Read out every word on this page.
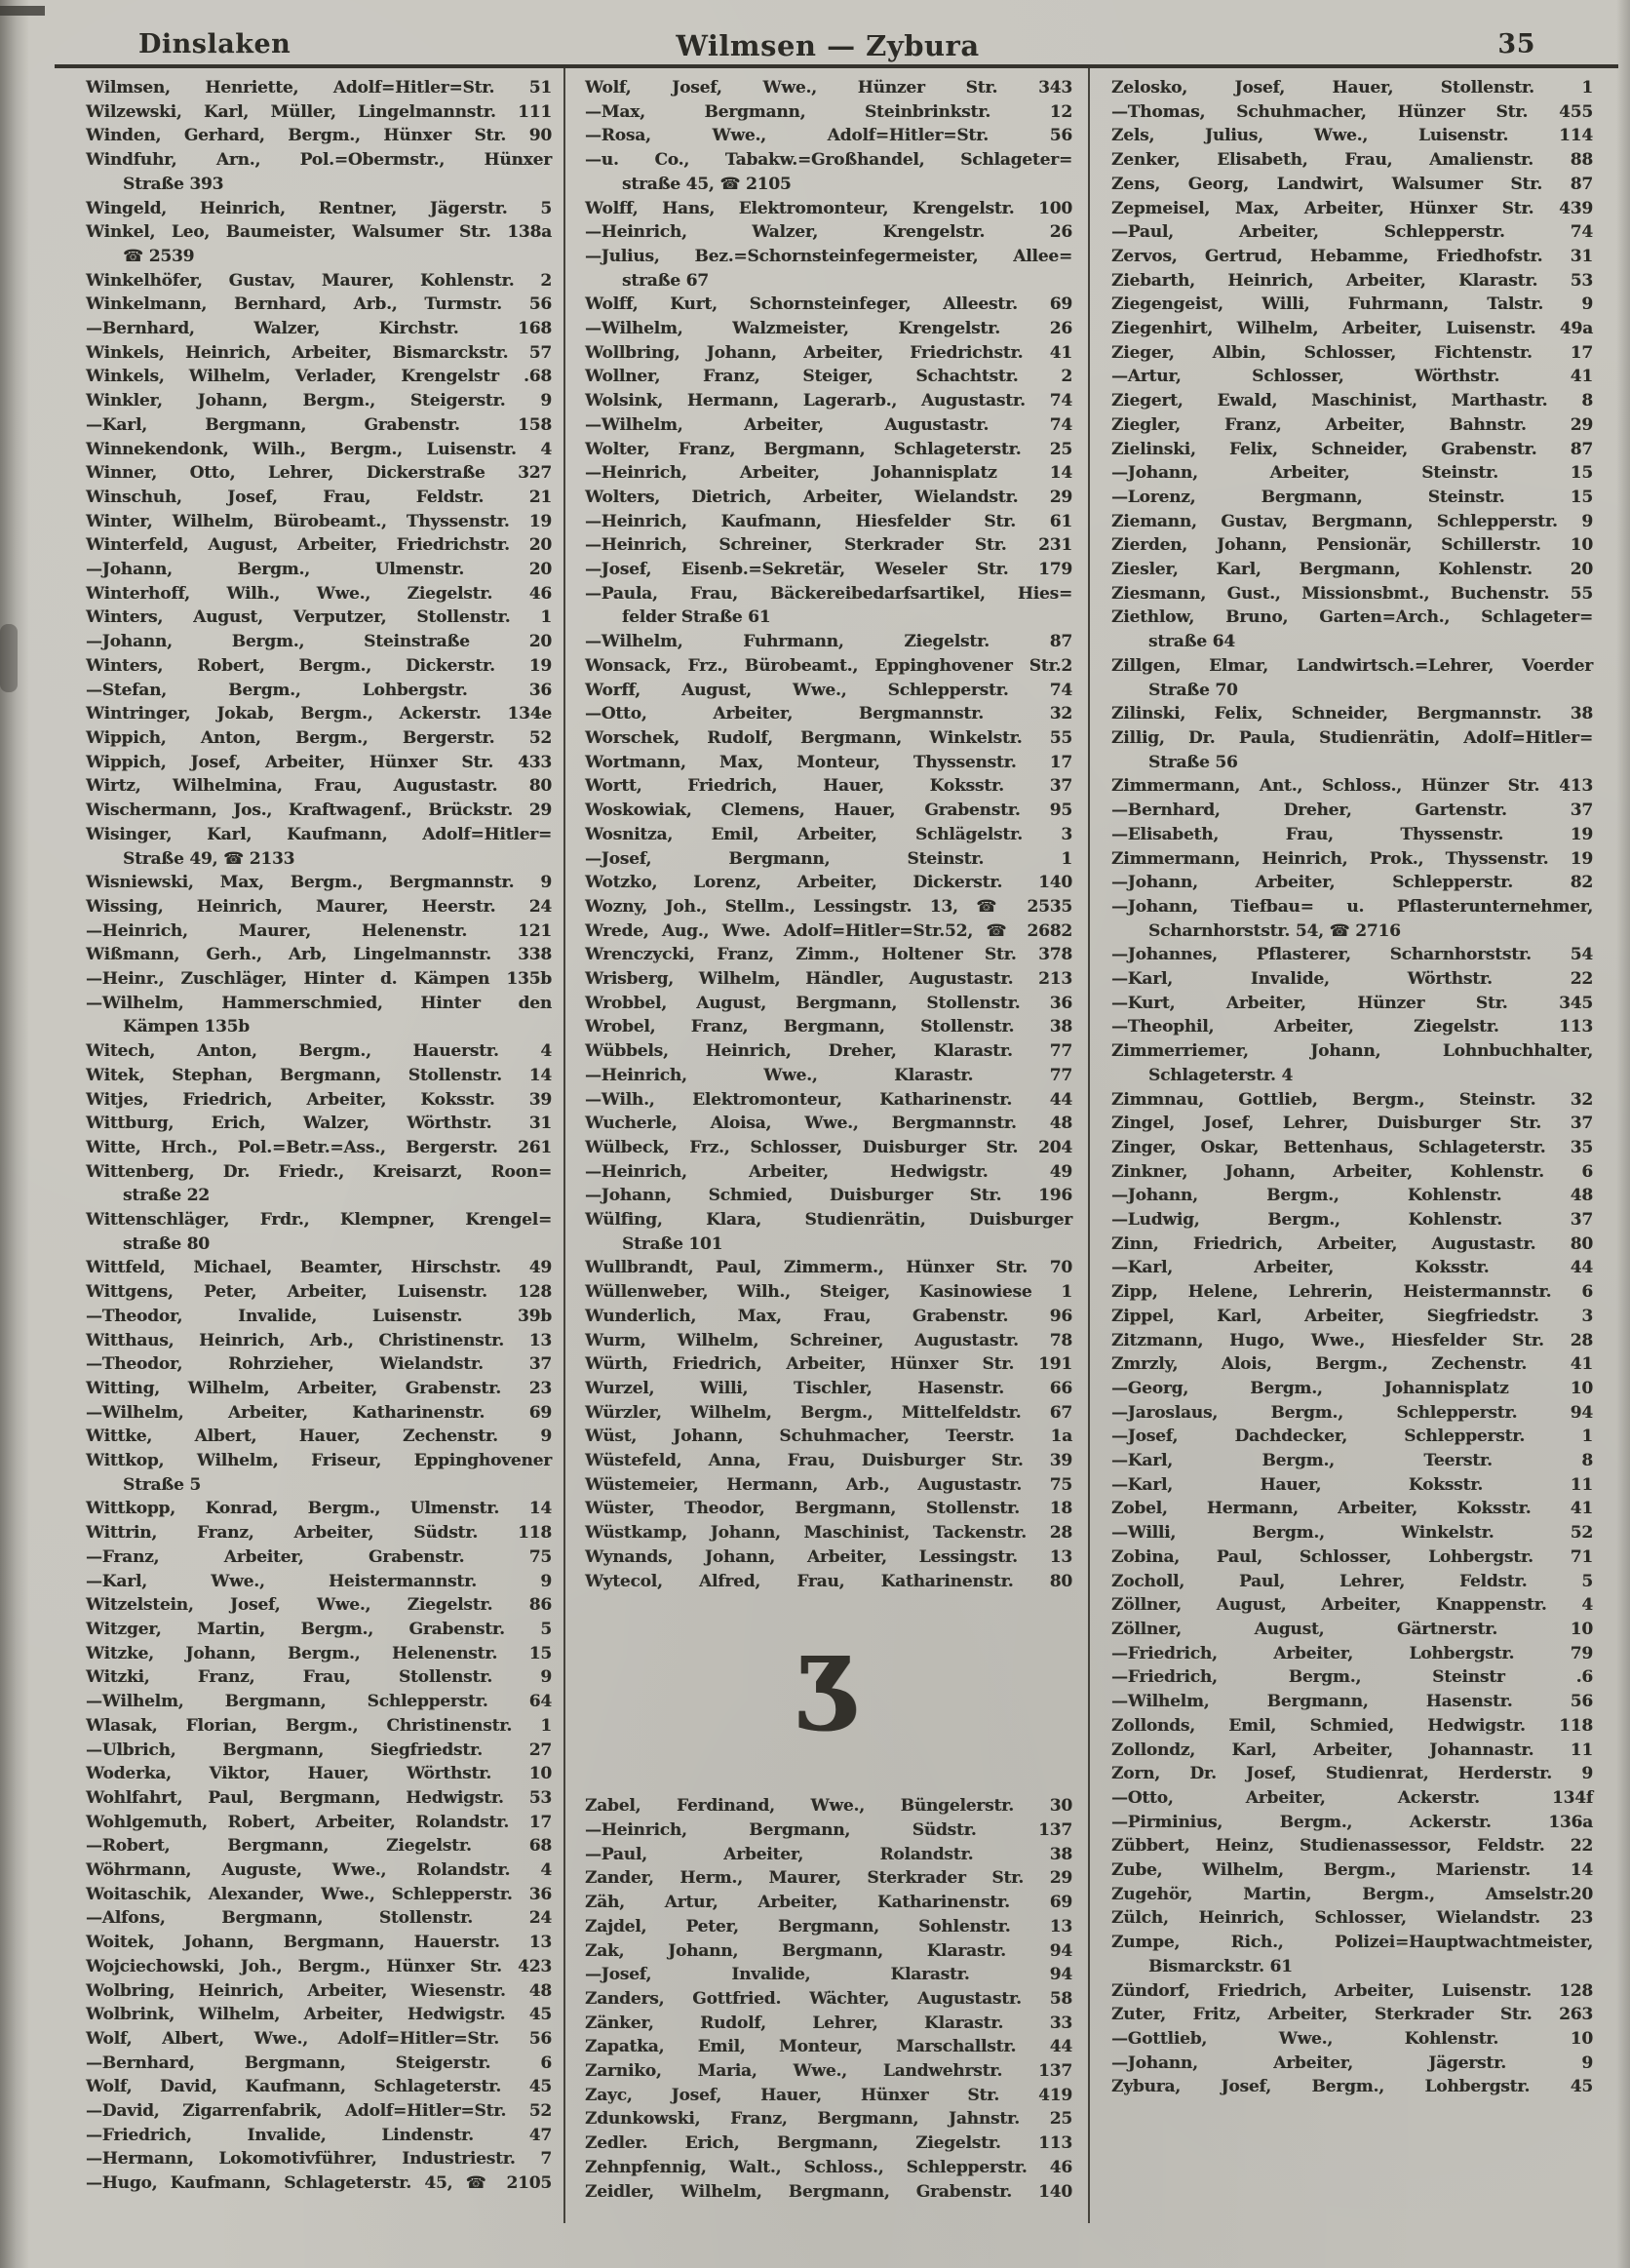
Dinslaken	Wilmsen — Zybura	35
Wilmsen, Henriette, Adolf=Hitler=Str. 51
Wilzewski, Karl, Müller, Lingelmannstr. 111
Winden, Gerhard, Bergm., Hünxer Str. 90
Windfuhr, Arn., Pol.=Obermstr., Hünxer
Straße 393
Wingeld, Heinrich, Rentner, Jägerstr. 5
Winkel, Leo, Baumeister, Walsumer Str. 138a
☎ 2539
Winkelhöfer, Gustav, Maurer, Kohlenstr. 2
Winkelmann, Bernhard, Arb., Turmstr. 56
—Bernhard, Walzer, Kirchstr. 168
Winkels, Heinrich, Arbeiter, Bismarckstr. 57
Winkels, Wilhelm, Verlader, Krengelstr .68
Winkler, Johann, Bergm., Steigerstr. 9
—Karl, Bergmann, Grabenstr. 158
Winnekendonk, Wilh., Bergm., Luisenstr. 4
Winner, Otto, Lehrer, Dickerstraße 327
Winschuh, Josef, Frau, Feldstr. 21
Winter, Wilhelm, Bürobeamt., Thyssenstr. 19
Winterfeld, August, Arbeiter, Friedrichstr. 20
—Johann, Bergm., Ulmenstr. 20
Winterhoff, Wilh., Wwe., Ziegelstr. 46
Winters, August, Verputzer, Stollenstr. 1
—Johann, Bergm., Steinstraße 20
Winters, Robert, Bergm., Dickerstr. 19
—Stefan, Bergm., Lohbergstr. 36
Wintringer, Jokab, Bergm., Ackerstr. 134e
Wippich, Anton, Bergm., Bergerstr. 52
Wippich, Josef, Arbeiter, Hünxer Str. 433
Wirtz, Wilhelmina, Frau, Augustastr. 80
Wischermann, Jos., Kraftwagenf., Brückstr. 29
Wisinger, Karl, Kaufmann, Adolf=Hitler=
Straße 49, ☎ 2133
Wisniewski, Max, Bergm., Bergmannstr. 9
Wissing, Heinrich, Maurer, Heerstr. 24
—Heinrich, Maurer, Helenenstr. 121
Wißmann, Gerh., Arb, Lingelmannstr. 338
—Heinr., Zuschläger, Hinter d. Kämpen 135b
—Wilhelm, Hammerschmied, Hinter den
Kämpen 135b
Witech, Anton, Bergm., Hauerstr. 4
Witek, Stephan, Bergmann, Stollenstr. 14
Witjes, Friedrich, Arbeiter, Koksstr. 39
Wittburg, Erich, Walzer, Wörthstr. 31
Witte, Hrch., Pol.=Betr.=Ass., Bergerstr. 261
Wittenberg, Dr. Friedr., Kreisarzt, Roon=
straße 22
Wittenschläger, Frdr., Klempner, Krengel=
straße 80
Wittfeld, Michael, Beamter, Hirschstr. 49
Wittgens, Peter, Arbeiter, Luisenstr. 128
—Theodor, Invalide, Luisenstr. 39b
Witthaus, Heinrich, Arb., Christinenstr. 13
—Theodor, Rohrzieher, Wielandstr. 37
Witting, Wilhelm, Arbeiter, Grabenstr. 23
—Wilhelm, Arbeiter, Katharinenstr. 69
Wittke, Albert, Hauer, Zechenstr. 9
Wittkop, Wilhelm, Friseur, Eppinghovener
Straße 5
Wittkopp, Konrad, Bergm., Ulmenstr. 14
Wittrin, Franz, Arbeiter, Südstr. 118
—Franz, Arbeiter, Grabenstr. 75
—Karl, Wwe., Heistermannstr. 9
Witzelstein, Josef, Wwe., Ziegelstr. 86
Witzger, Martin, Bergm., Grabenstr. 5
Witzke, Johann, Bergm., Helenenstr. 15
Witzki, Franz, Frau, Stollenstr. 9
—Wilhelm, Bergmann, Schlepperstr. 64
Wlasak, Florian, Bergm., Christinenstr. 1
—Ulbrich, Bergmann, Siegfriedstr. 27
Woderka, Viktor, Hauer, Wörthstr. 10
Wohlfahrt, Paul, Bergmann, Hedwigstr. 53
Wohlgemuth, Robert, Arbeiter, Rolandstr. 17
—Robert, Bergmann, Ziegelstr. 68
Wöhrmann, Auguste, Wwe., Rolandstr. 4
Woitaschik, Alexander, Wwe., Schlepperstr. 36
—Alfons, Bergmann, Stollenstr. 24
Woitek, Johann, Bergmann, Hauerstr. 13
Wojciechowski, Joh., Bergm., Hünxer Str. 423
Wolbring, Heinrich, Arbeiter, Wiesenstr. 48
Wolbrink, Wilhelm, Arbeiter, Hedwigstr. 45
Wolf, Albert, Wwe., Adolf=Hitler=Str. 56
—Bernhard, Bergmann, Steigerstr. 6
Wolf, David, Kaufmann, Schlageterstr. 45
—David, Zigarrenfabrik, Adolf=Hitler=Str. 52
—Friedrich, Invalide, Lindenstr. 47
—Hermann, Lokomotivführer, Industriestr. 7
—Hugo, Kaufmann, Schlageterstr. 45, ☎ 2105
Wolf, Josef, Wwe., Hünzer Str. 343
—Max, Bergmann, Steinbrinkstr. 12
—Rosa, Wwe., Adolf=Hitler=Str. 56
—u. Co., Tabakw.=Großhandel, Schlageter=
straße 45, ☎ 2105
Wolff, Hans, Elektromonteur, Krengelstr. 100
—Heinrich, Walzer, Krengelstr. 26
—Julius, Bez.=Schornsteinfegermeister, Allee=
straße 67
Wolff, Kurt, Schornsteinfeger, Alleestr. 69
—Wilhelm, Walzmeister, Krengelstr. 26
Wollbring, Johann, Arbeiter, Friedrichstr. 41
Wollner, Franz, Steiger, Schachtstr. 2
Wolsink, Hermann, Lagerarb., Augustastr. 74
—Wilhelm, Arbeiter, Augustastr. 74
Wolter, Franz, Bergmann, Schlageterstr. 25
—Heinrich, Arbeiter, Johannisplatz 14
Wolters, Dietrich, Arbeiter, Wielandstr. 29
—Heinrich, Kaufmann, Hiesfelder Str. 61
—Heinrich, Schreiner, Sterkrader Str. 231
—Josef, Eisenb.=Sekretär, Weseler Str. 179
—Paula, Frau, Bäckereibedarfsartikel, Hies=
felder Straße 61
—Wilhelm, Fuhrmann, Ziegelstr. 87
Wonsack, Frz., Bürobeamt., Eppinghovener Str.2
Worff, August, Wwe., Schlepperstr. 74
—Otto, Arbeiter, Bergmannstr. 32
Worschek, Rudolf, Bergmann, Winkelstr. 55
Wortmann, Max, Monteur, Thyssenstr. 17
Wortt, Friedrich, Hauer, Koksstr. 37
Woskowiak, Clemens, Hauer, Grabenstr. 95
Wosnitza, Emil, Arbeiter, Schlägelstr. 3
—Josef, Bergmann, Steinstr. 1
Wotzko, Lorenz, Arbeiter, Dickerstr. 140
Wozny, Joh., Stellm., Lessingstr. 13, ☎ 2535
Wrede, Aug., Wwe. Adolf=Hitler=Str.52, ☎ 2682
Wrenczycki, Franz, Zimm., Holtener Str. 378
Wrisberg, Wilhelm, Händler, Augustastr. 213
Wrobbel, August, Bergmann, Stollenstr. 36
Wrobel, Franz, Bergmann, Stollenstr. 38
Wübbels, Heinrich, Dreher, Klarastr. 77
—Heinrich, Wwe., Klarastr. 77
—Wilh., Elektromonteur, Katharinenstr. 44
Wucherle, Aloisa, Wwe., Bergmannstr. 48
Wülbeck, Frz., Schlosser, Duisburger Str. 204
—Heinrich, Arbeiter, Hedwigstr. 49
—Johann, Schmied, Duisburger Str. 196
Wülfing, Klara, Studienrätin, Duisburger
Straße 101
Wullbrandt, Paul, Zimmerm., Hünxer Str. 70
Wüllenweber, Wilh., Steiger, Kasinowiese 1
Wunderlich, Max, Frau, Grabenstr. 96
Wurm, Wilhelm, Schreiner, Augustastr. 78
Würth, Friedrich, Arbeiter, Hünxer Str. 191
Wurzel, Willi, Tischler, Hasenstr. 66
Würzler, Wilhelm, Bergm., Mittelfeldstr. 67
Wüst, Johann, Schuhmacher, Teerstr. 1a
Wüstefeld, Anna, Frau, Duisburger Str. 39
Wüstemeier, Hermann, Arb., Augustastr. 75
Wüster, Theodor, Bergmann, Stollenstr. 18
Wüstkamp, Johann, Maschinist, Tackenstr. 28
Wynands, Johann, Arbeiter, Lessingstr. 13
Wytecol, Alfred, Frau, Katharinenstr. 80
Ʒ
Zabel, Ferdinand, Wwe., Büngelerstr. 30
—Heinrich, Bergmann, Südstr. 137
—Paul, Arbeiter, Rolandstr. 38
Zander, Herm., Maurer, Sterkrader Str. 29
Zäh, Artur, Arbeiter, Katharinenstr. 69
Zajdel, Peter, Bergmann, Sohlenstr. 13
Zak, Johann, Bergmann, Klarastr. 94
—Josef, Invalide, Klarastr. 94
Zanders, Gottfried. Wächter, Augustastr. 58
Zänker, Rudolf, Lehrer, Klarastr. 33
Zapatka, Emil, Monteur, Marschallstr. 44
Zarniko, Maria, Wwe., Landwehrstr. 137
Zayc, Josef, Hauer, Hünxer Str. 419
Zdunkowski, Franz, Bergmann, Jahnstr. 25
Zedler. Erich, Bergmann, Ziegelstr. 113
Zehnpfennig, Walt., Schloss., Schlepperstr. 46
Zeidler, Wilhelm, Bergmann, Grabenstr. 140
Zelosko, Josef, Hauer, Stollenstr. 1
—Thomas, Schuhmacher, Hünzer Str. 455
Zels, Julius, Wwe., Luisenstr. 114
Zenker, Elisabeth, Frau, Amalienstr. 88
Zens, Georg, Landwirt, Walsumer Str. 87
Zepmeisel, Max, Arbeiter, Hünxer Str. 439
—Paul, Arbeiter, Schlepperstr. 74
Zervos, Gertrud, Hebamme, Friedhofstr. 31
Ziebarth, Heinrich, Arbeiter, Klarastr. 53
Ziegengeist, Willi, Fuhrmann, Talstr. 9
Ziegenhirt, Wilhelm, Arbeiter, Luisenstr. 49a
Zieger, Albin, Schlosser, Fichtenstr. 17
—Artur, Schlosser, Wörthstr. 41
Ziegert, Ewald, Maschinist, Marthastr. 8
Ziegler, Franz, Arbeiter, Bahnstr. 29
Zielinski, Felix, Schneider, Grabenstr. 87
—Johann, Arbeiter, Steinstr. 15
—Lorenz, Bergmann, Steinstr. 15
Ziemann, Gustav, Bergmann, Schlepperstr. 9
Zierden, Johann, Pensionär, Schillerstr. 10
Ziesler, Karl, Bergmann, Kohlenstr. 20
Ziesmann, Gust., Missionsbmt., Buchenstr. 55
Ziethlow, Bruno, Garten=Arch., Schlageter=
straße 64
Zillgen, Elmar, Landwirtsch.=Lehrer, Voerder
Straße 70
Zilinski, Felix, Schneider, Bergmannstr. 38
Zillig, Dr. Paula, Studienrätin, Adolf=Hitler=
Straße 56
Zimmermann, Ant., Schloss., Hünzer Str. 413
—Bernhard, Dreher, Gartenstr. 37
—Elisabeth, Frau, Thyssenstr. 19
Zimmermann, Heinrich, Prok., Thyssenstr. 19
—Johann, Arbeiter, Schlepperstr. 82
—Johann, Tiefbau= u. Pflasterunternehmer,
Scharnhorststr. 54, ☎ 2716
—Johannes, Pflasterer, Scharnhorststr. 54
—Karl, Invalide, Wörthstr. 22
—Kurt, Arbeiter, Hünzer Str. 345
—Theophil, Arbeiter, Ziegelstr. 113
Zimmerriemer, Johann, Lohnbuchhalter,
Schlageterstr. 4
Zimmnau, Gottlieb, Bergm., Steinstr. 32
Zingel, Josef, Lehrer, Duisburger Str. 37
Zinger, Oskar, Bettenhaus, Schlageterstr. 35
Zinkner, Johann, Arbeiter, Kohlenstr. 6
—Johann, Bergm., Kohlenstr. 48
—Ludwig, Bergm., Kohlenstr. 37
Zinn, Friedrich, Arbeiter, Augustastr. 80
—Karl, Arbeiter, Koksstr. 44
Zipp, Helene, Lehrerin, Heistermannstr. 6
Zippel, Karl, Arbeiter, Siegfriedstr. 3
Zitzmann, Hugo, Wwe., Hiesfelder Str. 28
Zmrzly, Alois, Bergm., Zechenstr. 41
—Georg, Bergm., Johannisplatz 10
—Jaroslaus, Bergm., Schlepperstr. 94
—Josef, Dachdecker, Schlepperstr. 1
—Karl, Bergm., Teerstr. 8
—Karl, Hauer, Koksstr. 11
Zobel, Hermann, Arbeiter, Koksstr. 41
—Willi, Bergm., Winkelstr. 52
Zobina, Paul, Schlosser, Lohbergstr. 71
Zocholl, Paul, Lehrer, Feldstr. 5
Zöllner, August, Arbeiter, Knappenstr. 4
Zöllner, August, Gärtnerstr. 10
—Friedrich, Arbeiter, Lohbergstr. 79
—Friedrich, Bergm., Steinstr .6
—Wilhelm, Bergmann, Hasenstr. 56
Zollonds, Emil, Schmied, Hedwigstr. 118
Zollondz, Karl, Arbeiter, Johannastr. 11
Zorn, Dr. Josef, Studienrat, Herderstr. 9
—Otto, Arbeiter, Ackerstr. 134f
—Pirminius, Bergm., Ackerstr. 136a
Zübbert, Heinz, Studienassessor, Feldstr. 22
Zube, Wilhelm, Bergm., Marienstr. 14
Zugehör, Martin, Bergm., Amselstr.20
Zülch, Heinrich, Schlosser, Wielandstr. 23
Zumpe, Rich., Polizei=Hauptwachtmeister,
Bismarckstr. 61
Zündorf, Friedrich, Arbeiter, Luisenstr. 128
Zuter, Fritz, Arbeiter, Sterkrader Str. 263
—Gottlieb, Wwe., Kohlenstr. 10
—Johann, Arbeiter, Jägerstr. 9
Zybura, Josef, Bergm., Lohbergstr. 45
